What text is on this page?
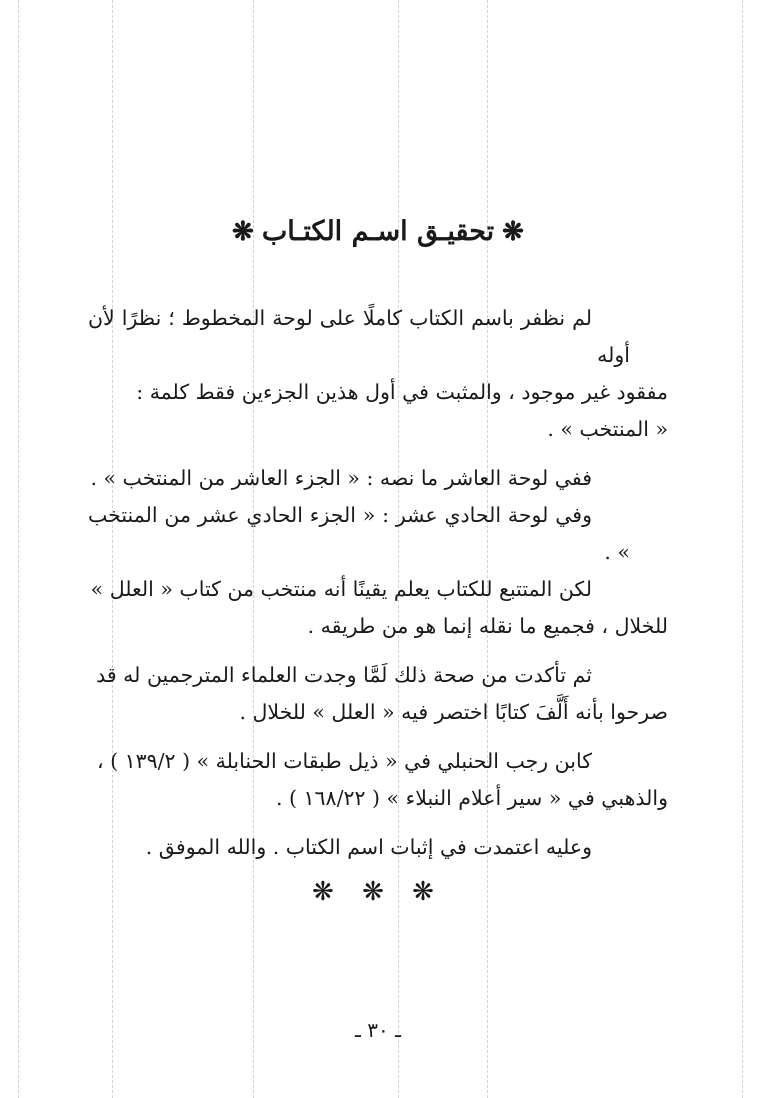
❋تحقيـق اسـم الكتـاب❋

لم نظفر باسم الكتاب كاملًا على لوحة المخطوط ؛ نظرًا لأن أوله
مفقود غير موجود ، والمثبت في أول هذين الجزءين فقط كلمة :
« المنتخب » .

ففي لوحة العاشر ما نصه : « الجزء العاشر من المنتخب » .
وفي لوحة الحادي عشر : « الجزء الحادي عشر من المنتخب » .
لكن المتتبع للكتاب يعلم يقينًا أنه منتخب من كتاب « العلل »
للخلال ، فجميع ما نقله إنما هو من طريقه .

ثم تأكدت من صحة ذلك لَمَّا وجدت العلماء المترجمين له قد
صرحوا بأنه أَلَّفَ كتابًا اختصر فيه « العلل » للخلال .

كابن رجب الحنبلي في « ذيل طبقات الحنابلة » ( ١٣٩/٢ ) ،
والذهبي في « سير أعلام النبلاء » ( ١٦٨/٢٢ ) .

وعليه اعتمدت في إثبات اسم الكتاب . والله الموفق .

❋ ❋ ❋
ـ ٣٠ ـ
